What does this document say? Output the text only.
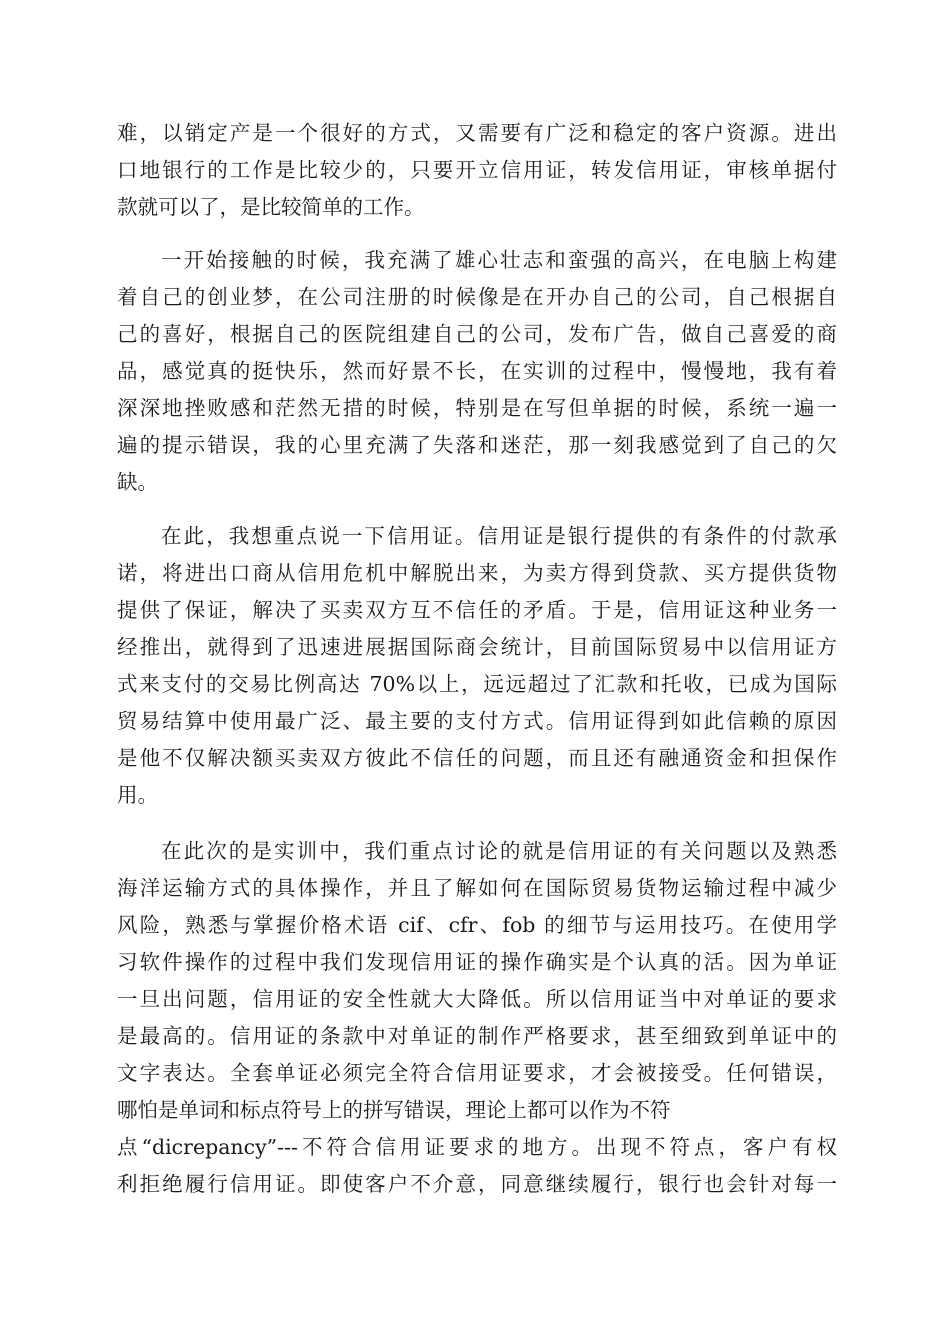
难，以销定产是一个很好的方式，又需要有广泛和稳定的客户资源。进出
口地银行的工作是比较少的，只要开立信用证，转发信用证，审核单据付
款就可以了，是比较简单的工作。
一开始接触的时候，我充满了雄心壮志和蛮强的高兴，在电脑上构建
着自己的创业梦，在公司注册的时候像是在开办自己的公司，自己根据自
己的喜好，根据自己的医院组建自己的公司，发布广告，做自己喜爱的商
品，感觉真的挺快乐，然而好景不长，在实训的过程中，慢慢地，我有着
深深地挫败感和茫然无措的时候，特别是在写但单据的时候，系统一遍一
遍的提示错误，我的心里充满了失落和迷茫，那一刻我感觉到了自己的欠
缺。
在此，我想重点说一下信用证。信用证是银行提供的有条件的付款承
诺，将进出口商从信用危机中解脱出来，为卖方得到贷款、买方提供货物
提供了保证，解决了买卖双方互不信任的矛盾。于是，信用证这种业务一
经推出，就得到了迅速进展据国际商会统计，目前国际贸易中以信用证方
式来支付的交易比例高达 70%以上，远远超过了汇款和托收，已成为国际
贸易结算中使用最广泛、最主要的支付方式。信用证得到如此信赖的原因
是他不仅解决额买卖双方彼此不信任的问题，而且还有融通资金和担保作
用。
在此次的是实训中，我们重点讨论的就是信用证的有关问题以及熟悉
海洋运输方式的具体操作，并且了解如何在国际贸易货物运输过程中减少
风险，熟悉与掌握价格术语 cif、cfr、fob 的细节与运用技巧。在使用学
习软件操作的过程中我们发现信用证的操作确实是个认真的活。因为单证
一旦出问题，信用证的安全性就大大降低。所以信用证当中对单证的要求
是最高的。信用证的条款中对单证的制作严格要求，甚至细致到单证中的
文字表达。全套单证必须完全符合信用证要求，才会被接受。任何错误，
哪怕是单词和标点符号上的拼写错误，理论上都可以作为不符
点“dicrepancy”---不符合信用证要求的地方。出现不符点，客户有权
利拒绝履行信用证。即使客户不介意，同意继续履行，银行也会针对每一
